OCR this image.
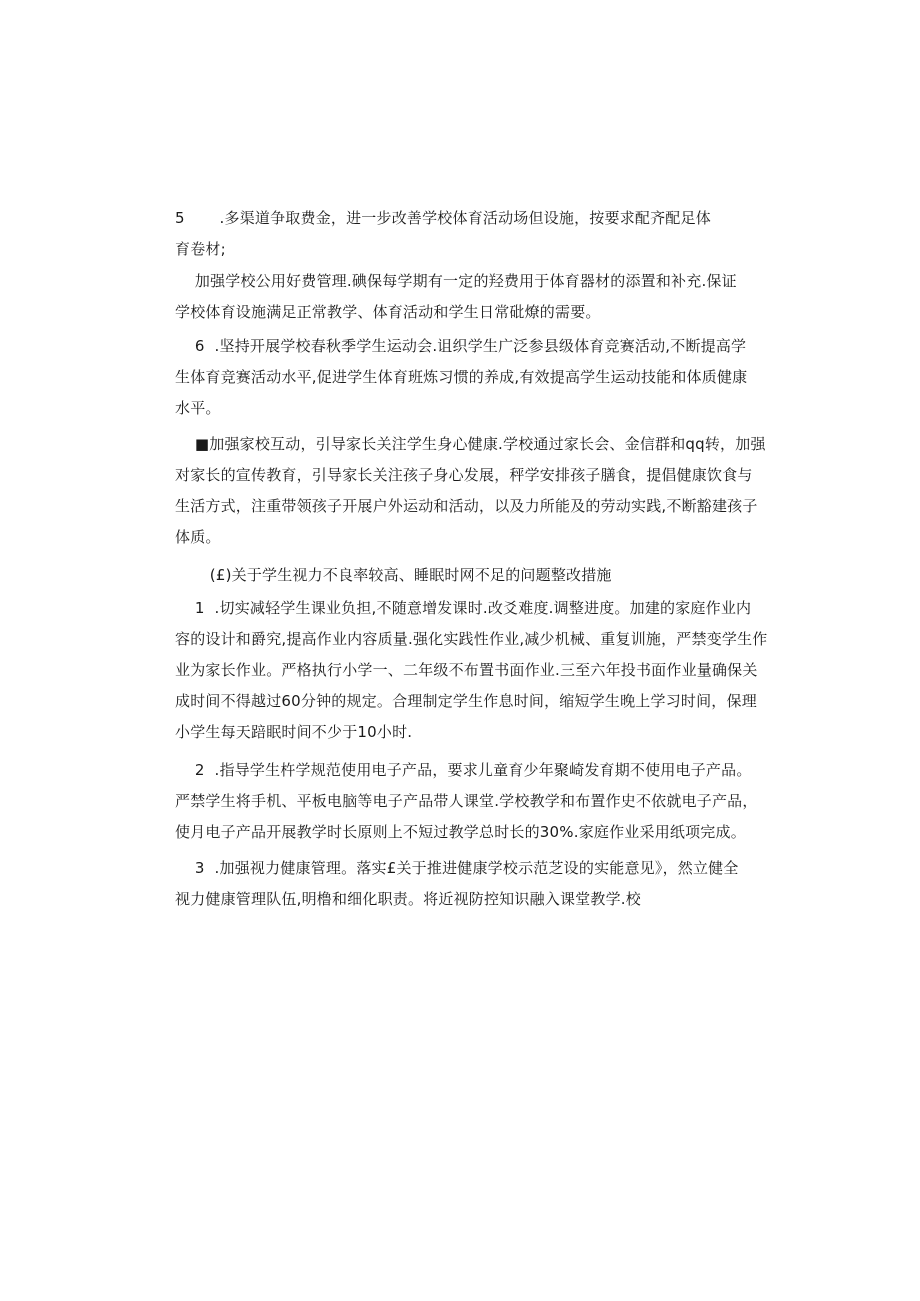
5       .多渠道争取费金，进一步改善学校体育活动场但设施，按要求配齐配足体
育卷材;
加强学校公用好费管理.碘保每学期有一定的羟费用于体育器材的添置和补充.保证
学校体育设施满足正常教学、体育活动和学生日常砒燎的需要。
6  .坚持开展学校春秋季学生运动会.诅织学生广泛参县级体育竞赛活动,不断提高学
生体育竞赛活动水平,促进学生体育班炼习惯的养成,有效提高学生运动技能和体质健康
水平。
■加强家校互动，引导家长关注学生身心健康.学校通过家长会、金信群和qq转，加强
对家长的宣传教育，引导家长关注孩子身心发展，秤学安排孩子膳食，提倡健康饮食与
生活方式，注重带领孩子开展户外运动和活动，以及力所能及的劳动实践,不断豁建孩子
体质。
(£)关于学生视力不良率较高、睡眠时网不足的问题整改措施
1  .切实减轻学生课业负担,不随意增发课时.改爻难度.调整进度。加建的家庭作业内
容的设计和爵究,提高作业内容质量.强化实践性作业,减少机械、重复训施，严禁变学生作
业为家长作业。严格执行小学一、二年级不布置书面作业.三至六年投书面作业量确保关
成时间不得越过60分钟的规定。合理制定学生作息时间，缩短学生晚上学习时间，保理
小学生每天踣眠时间不少于10小时.
2  .指导学生杵学规范使用电子产品，要求儿童育少年聚崎发育期不使用电子产品。
严禁学生将手机、平板电脑等电子产品带人课堂.学校教学和布置作史不依就电子产品，
使月电子产品开展教学时长原则上不短过教学总时长的30%.家庭作业采用纸项完成。
3  .加强视力健康管理。落实£关于推进健康学校示范芝设的实能意见》，然立健全
视力健康管理队伍,明橹和细化职责。将近视防控知识融入课堂教学.校
